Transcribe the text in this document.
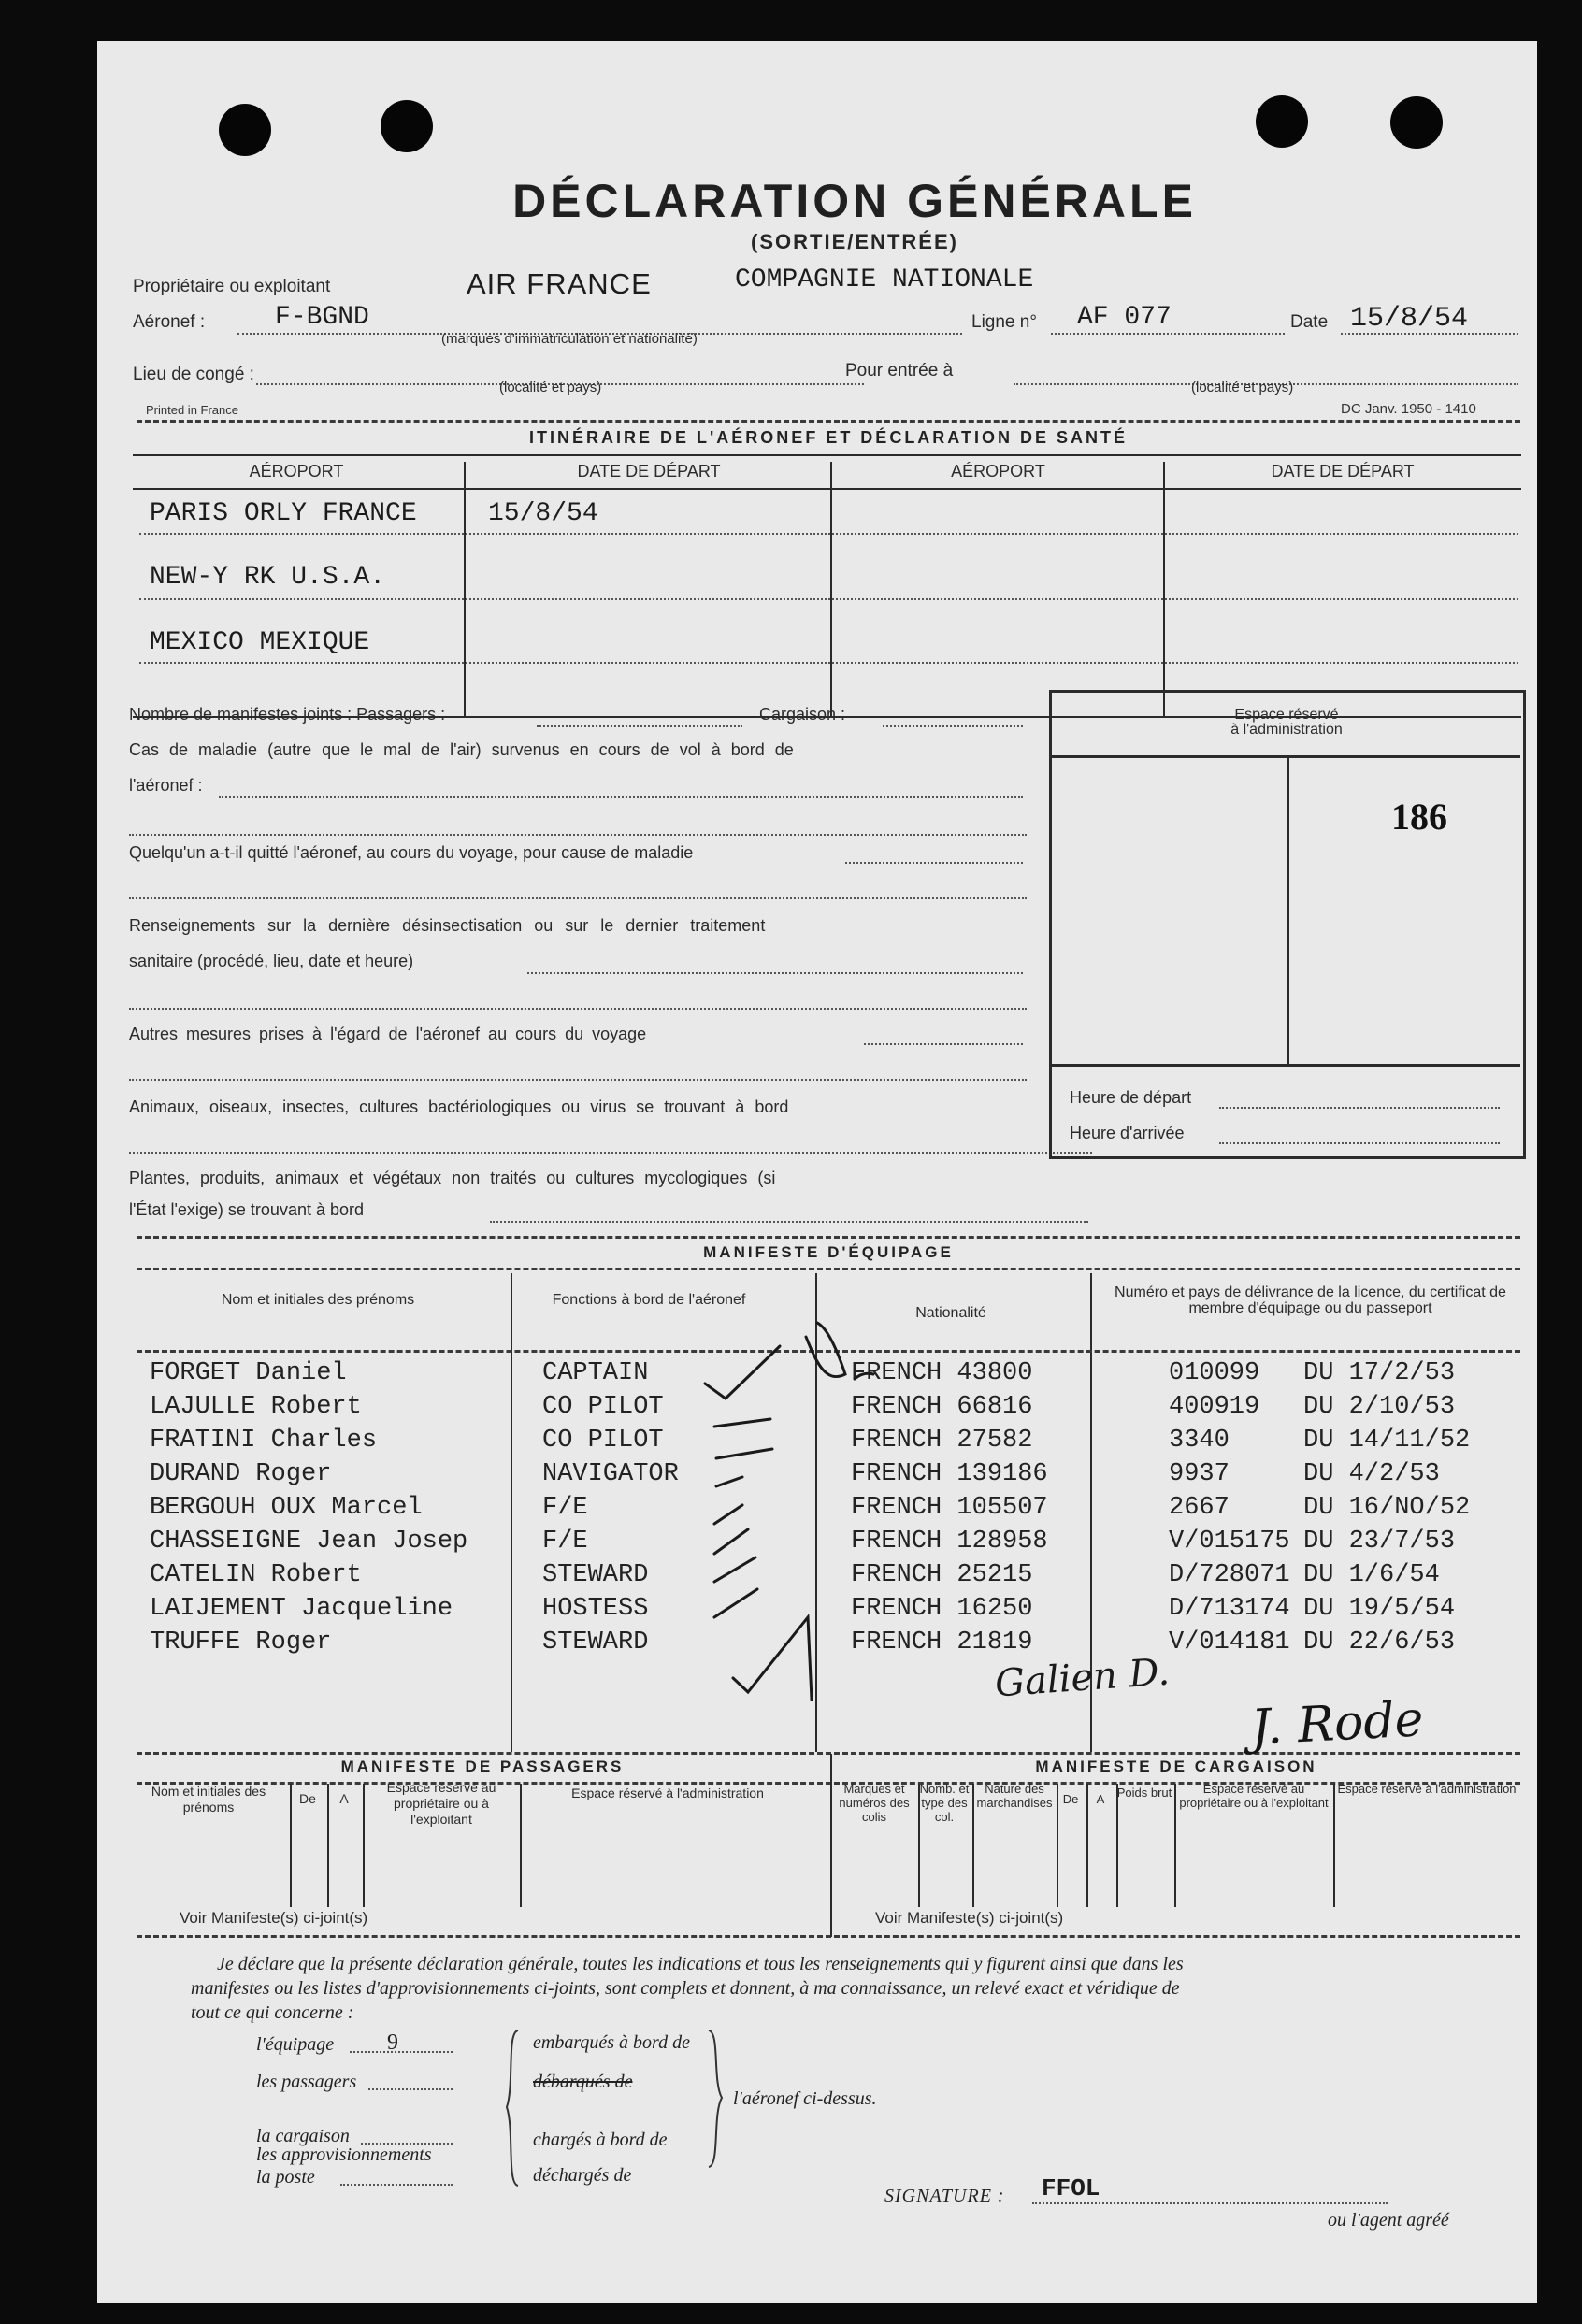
DÉCLARATION GÉNÉRALE
(SORTIE/ENTRÉE)
Propriétaire ou exploitant	AIR FRANCE	COMPAGNIE NATIONALE
Aéronef :	F-BGND
(marques d'immatriculation et nationalité)
Ligne n° AF 077	Date 15/8/54
Lieu de congé :
(localité et pays)
Pour entrée à
(localité et pays)
Printed in France	DC Janv. 1950 - 1410
ITINÉRAIRE DE L'AÉRONEF ET DÉCLARATION DE SANTÉ
AÉROPORT	DATE DE DÉPART	AÉROPORT	DATE DE DÉPART
PARIS ORLY FRANCE	15/8/54
NEW-Y RK U.S.A.
MEXICO MEXIQUE
Nombre de manifestes joints : Passagers :	Cargaison :
Cas de maladie (autre que le mal de l'air) survenus en cours de vol à bord de
l'aéronef :
Quelqu'un a-t-il quitté l'aéronef, au cours du voyage, pour cause de maladie
Renseignements sur la dernière désinsectisation ou sur le dernier traitement
sanitaire (procédé, lieu, date et heure)
Autres mesures prises à l'égard de l'aéronef au cours du voyage
Animaux, oiseaux, insectes, cultures bactériologiques ou virus se trouvant à bord
Plantes, produits, animaux et végétaux non traités ou cultures mycologiques (si
l'État l'exige) se trouvant à bord
Espace réservé
à l'administration
186
Heure de départ
Heure d'arrivée
MANIFESTE D'ÉQUIPAGE
Nom et initiales des prénoms	Fonctions à bord de l'aéronef
Nationalité
Numéro et pays de délivrance de la licence, du certificat de membre d'équipage ou du passeport
FORGET Daniel	CAPTAIN	FRENCH 43800	010099 DU 17/2/53
LAJULLE Robert	CO PILOT	FRENCH 66816	400919 DU 2/10/53
FRATINI Charles	CO PILOT	FRENCH 27582	3340	DU 14/11/52
DURAND Roger	NAVIGATOR	FRENCH 139186	9937	DU 4/2/53
BERGOUH OUX Marcel	F/E	FRENCH 105507	2667	DU 16/NO/52
CHASSEIGNE Jean Josep	F/E	FRENCH 128958	V/015175 DU 23/7/53
CATELIN Robert	STEWARD	FRENCH 25215	D/728071 DU 1/6/54
LAIJEMENT Jacqueline	HOSTESS	FRENCH 16250	D/713174 DU 19/5/54
TRUFFE Roger	STEWARD	FRENCH 21819	V/014181 DU 22/6/53
Galien D.
J. Rode
MANIFESTE DE PASSAGERS	MANIFESTE DE CARGAISON
Nom et initiales des prénoms
De	A
Espace réservé au propriétaire ou à l'exploitant
Espace réservé à l'administration	Marques et numéros des colis
Nomb. et type des col.
Nature des marchandises De	A	Poids brut	Espace réservé au propriétaire ou à l'exploitant
Espace réservé à l'administration
Voir Manifeste(s) ci-joint(s)	Voir Manifeste(s) ci-joint(s)
Je déclare que la présente déclaration générale, toutes les indications et tous les renseignements qui y figurent ainsi que dans les
manifestes ou les listes d'approvisionnements ci-joints, sont complets et donnent, à ma connaissance, un relevé exact et véridique de
tout ce qui concerne :
l'équipage 9
les passagers
la cargaison
les approvisionnements
la poste
embarqués à bord de
débarqués de
chargés à bord de
déchargés de
l'aéronef ci-dessus.
SIGNATURE : FFOL
ou l'agent agréé
